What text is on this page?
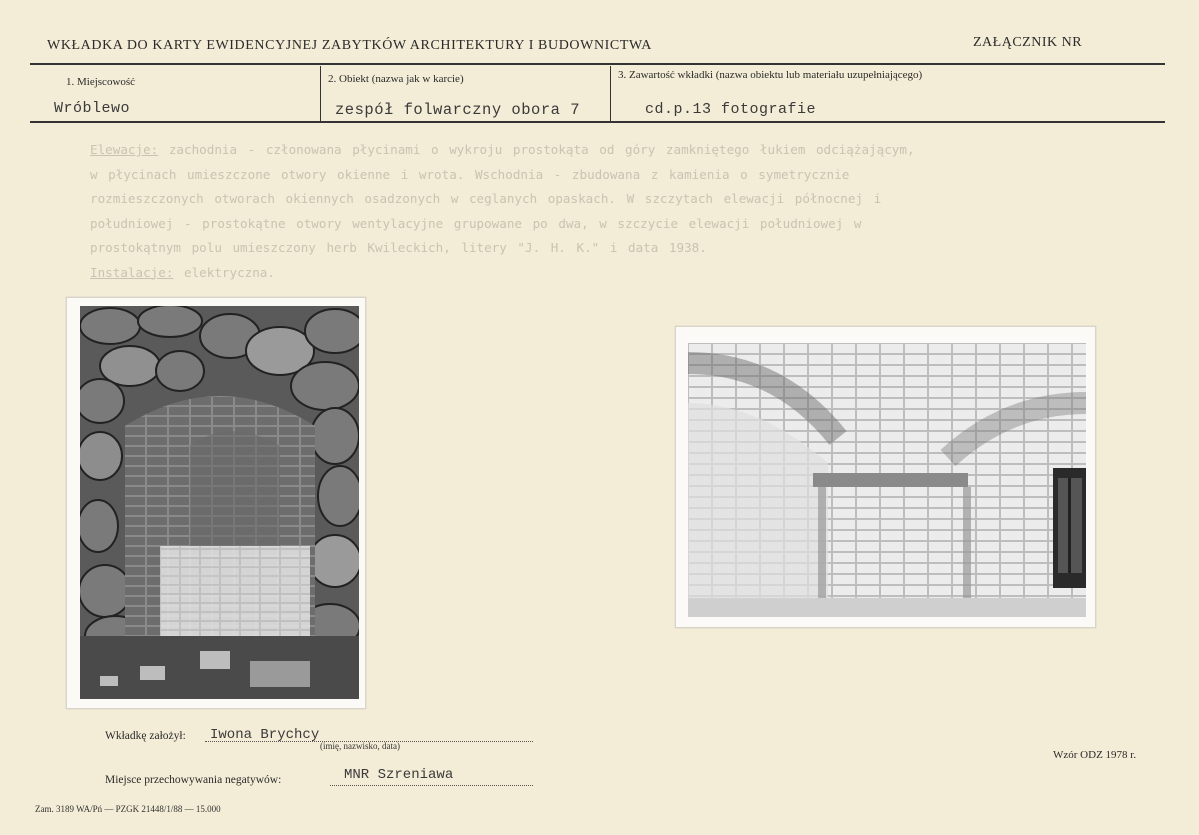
WKŁADKA DO KARTY EWIDENCYJNEJ ZABYTKÓW ARCHITEKTURY I BUDOWNICTWA	ZAŁĄCZNIK NR
1. Miejscowość
Wróblewo
2. Obiekt (nazwa jak w karcie)
zespół folwarczny obora 7
3. Zawartość wkładki (nazwa obiektu lub materiału uzupełniającego)
cd.p.13 fotografie
Elewacje: zachodnia - członowana płycinami o wykroju prostokąta od góry zamkniętego łukiem odciążającym,
w płycinach umieszczone otwory okienne i wrota. Wschodnia - zbudowana z kamienia o symetrycznie
rozmieszczonych otworach okiennych osadzonych w ceglanych opaskach. W szczytach elewacji północnej i
południowej - prostokątne otwory wentylacyjne grupowane po dwa, w szczycie elewacji południowej w
prostokątnym polu umieszczony herb Kwileckich, litery "J. H. K." i data 1938.
Instalacje: elektryczna.
Wkładkę założył: Iwona Brychcy
(imię, nazwisko, data)
Miejsce przechowywania negatywów:	MNR Szreniawa
Wzór ODZ 1978 r.
Zam. 3189 WA/Pń — PZGK 21448/1/88 — 15.000
